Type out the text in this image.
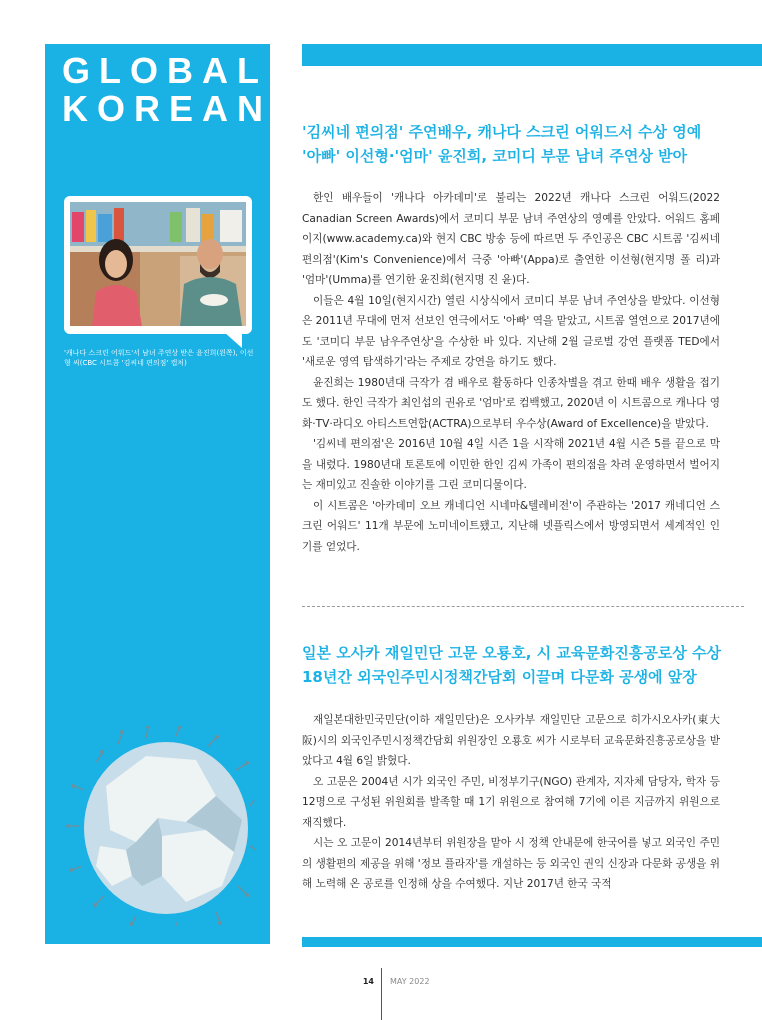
GLOBAL
KOREAN
'캐나다 스크린 어워드'서 남녀 주연상 받은 윤진희(왼쪽), 이선형 씨(CBC 시트콤 '김씨네 편의점' 캡처)
'김씨네 편의점' 주연배우, 캐나다 스크린 어워드서 수상 영예
'아빠' 이선형·'엄마' 윤진희, 코미디 부문 남녀 주연상 받아

한인 배우들이 '캐나다 아카데미'로 불리는 2022년 캐나다 스크린 어워드(2022 Canadian Screen Awards)에서 코미디 부문 남녀 주연상의 영예를 안았다. 어워드 홈페이지(www.academy.ca)와 현지 CBC 방송 등에 따르면 두 주인공은 CBC 시트콤 '김씨네 편의점'(Kim's Convenience)에서 극중 '아빠'(Appa)로 출연한 이선형(현지명 폴 리)과 '엄마'(Umma)를 연기한 윤진희(현지명 진 윤)다.

이들은 4월 10일(현지시간) 열린 시상식에서 코미디 부문 남녀 주연상을 받았다. 이선형은 2011년 무대에 먼저 선보인 연극에서도 '아빠' 역을 맡았고, 시트콤 열연으로 2017년에도 '코미디 부문 남우주연상'을 수상한 바 있다. 지난해 2월 글로벌 강연 플랫폼 TED에서 '새로운 영역 탐색하기'라는 주제로 강연을 하기도 했다.

윤진희는 1980년대 극작가 겸 배우로 활동하다 인종차별을 겪고 한때 배우 생활을 접기도 했다. 한인 극작가 최인섭의 권유로 '엄마'로 컴백했고, 2020년 이 시트콤으로 캐나다 영화·TV·라디오 아티스트연합(ACTRA)으로부터 우수상(Award of Excellence)을 받았다.

'김씨네 편의점'은 2016년 10월 4일 시즌 1을 시작해 2021년 4월 시즌 5를 끝으로 막을 내렸다. 1980년대 토론토에 이민한 한인 김씨 가족이 편의점을 차려 운영하면서 벌어지는 재미있고 진솔한 이야기를 그린 코미디물이다.

이 시트콤은 '아카데미 오브 캐네디언 시네마&텔레비전'이 주관하는 '2017 캐네디언 스크린 어워드' 11개 부문에 노미네이트됐고, 지난해 넷플릭스에서 방영되면서 세계적인 인기를 얻었다.

일본 오사카 재일민단 고문 오룡호, 시 교육문화진흥공로상 수상
18년간 외국인주민시정책간담회 이끌며 다문화 공생에 앞장

재일본대한민국민단(이하 재일민단)은 오사카부 재일민단 고문으로 히가시오사카(東大阪)시의 외국인주민시정책간담회 위원장인 오룡호 씨가 시로부터 교육문화진흥공로상을 받았다고 4월 6일 밝혔다.

오 고문은 2004년 시가 외국인 주민, 비정부기구(NGO) 관계자, 지자체 담당자, 학자 등 12명으로 구성된 위원회를 발족할 때 1기 위원으로 참여해 7기에 이른 지금까지 위원으로 재직했다.

시는 오 고문이 2014년부터 위원장을 맡아 시 정책 안내문에 한국어를 넣고 외국인 주민의 생활편의 제공을 위해 '정보 플라자'를 개설하는 등 외국인 권익 신장과 다문화 공생을 위해 노력해 온 공로를 인정해 상을 수여했다. 지난 2017년 한국 국적

14 MAY 2022
